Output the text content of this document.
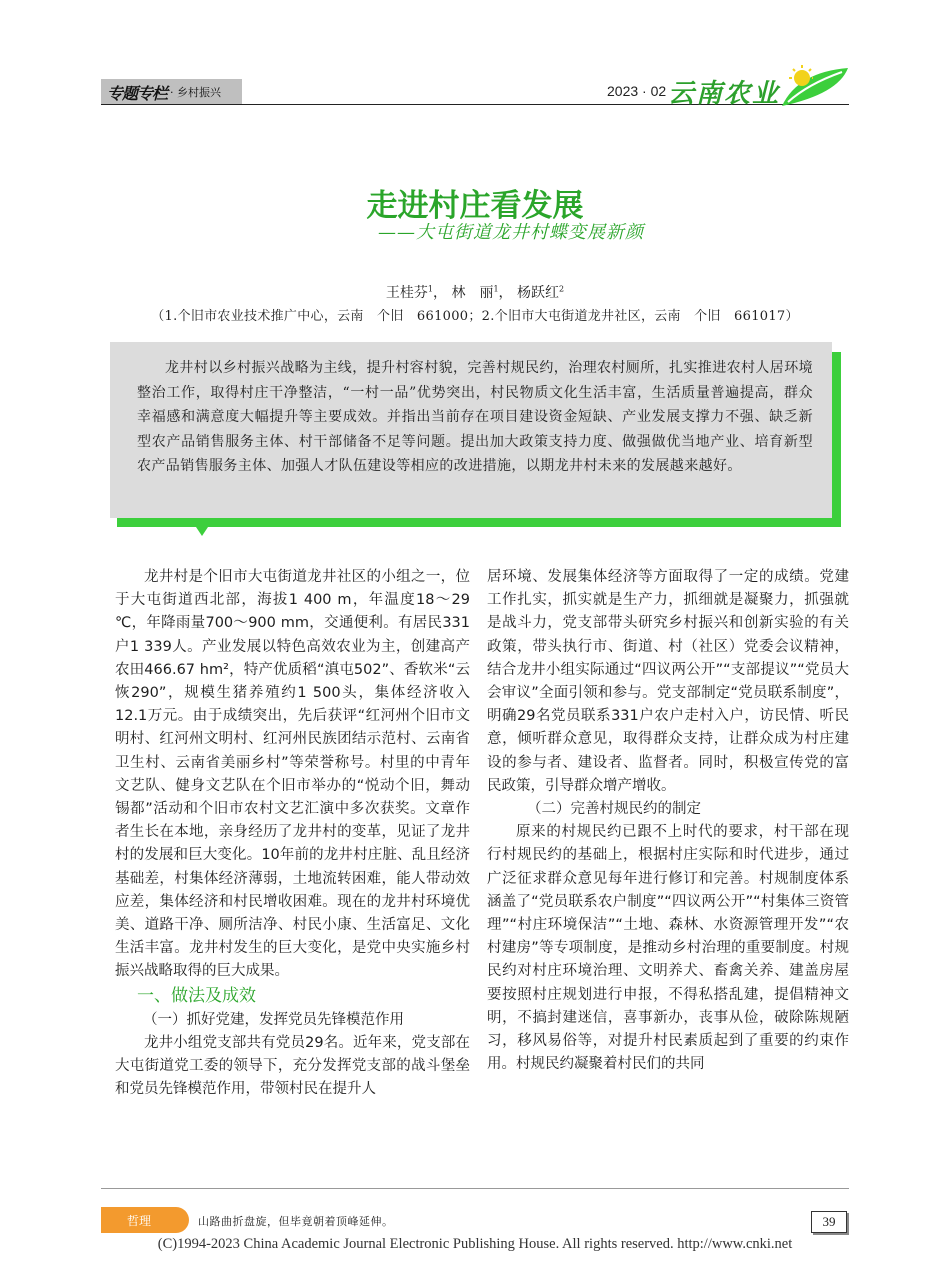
专题专栏 · 乡村振兴	2023 · 02 云南农业
走进村庄看发展
——大屯街道龙井村蝶变展新颜
王桂芬$^1$， 林　丽$^1$， 杨跃红$^2$
（1.个旧市农业技术推广中心，云南　个旧　661000；2.个旧市大屯街道龙井社区，云南　个旧　661017）
龙井村以乡村振兴战略为主线，提升村容村貌，完善村规民约，治理农村厕所，扎实推进农村人居环境整治工作，取得村庄干净整洁，“一村一品”优势突出，村民物质文化生活丰富，生活质量普遍提高，群众幸福感和满意度大幅提升等主要成效。并指出当前存在项目建设资金短缺、产业发展支撑力不强、缺乏新型农产品销售服务主体、村干部储备不足等问题。提出加大政策支持力度、做强做优当地产业、培育新型农产品销售服务主体、加强人才队伍建设等相应的改进措施，以期龙井村未来的发展越来越好。

龙井村是个旧市大屯街道龙井社区的小组之一，位于大屯街道西北部，海拔1 400 m，年温度18～29 ℃，年降雨量700～900 mm，交通便利。有居民331户1 339人。产业发展以特色高效农业为主，创建高产农田466.67 hm²，特产优质稻“滇屯502”、香软米“云恢290”，规模生猪养殖约1 500头，集体经济收入12.1万元。由于成绩突出，先后获评“红河州个旧市文明村、红河州文明村、红河州民族团结示范村、云南省卫生村、云南省美丽乡村”等荣誉称号。村里的中青年文艺队、健身文艺队在个旧市举办的“悦动个旧，舞动锡都”活动和个旧市农村文艺汇演中多次获奖。文章作者生长在本地，亲身经历了龙井村的变革，见证了龙井村的发展和巨大变化。10年前的龙井村庄脏、乱且经济基础差，村集体经济薄弱，土地流转困难，能人带动效应差，集体经济和村民增收困难。现在的龙井村环境优美、道路干净、厕所洁净、村民小康、生活富足、文化生活丰富。龙井村发生的巨大变化，是党中央实施乡村振兴战略取得的巨大成果。

一、做法及成效
（一）抓好党建，发挥党员先锋模范作用

龙井小组党支部共有党员29名。近年来，党支部在大屯街道党工委的领导下，充分发挥党支部的战斗堡垒和党员先锋模范作用，带领村民在提升人

居环境、发展集体经济等方面取得了一定的成绩。党建工作扎实，抓实就是生产力，抓细就是凝聚力，抓强就是战斗力，党支部带头研究乡村振兴和创新实验的有关政策，带头执行市、街道、村（社区）党委会议精神，结合龙井小组实际通过“四议两公开”“支部提议”“党员大会审议”全面引领和参与。党支部制定“党员联系制度”，明确29名党员联系331户农户走村入户，访民情、听民意，倾听群众意见，取得群众支持，让群众成为村庄建设的参与者、建设者、监督者。同时，积极宣传党的富民政策，引导群众增产增收。

（二）完善村规民约的制定

原来的村规民约已跟不上时代的要求，村干部在现行村规民约的基础上，根据村庄实际和时代进步，通过广泛征求群众意见每年进行修订和完善。村规制度体系涵盖了“党员联系农户制度”“四议两公开”“村集体三资管理”“村庄环境保洁”“土地、森林、水资源管理开发”“农村建房”等专项制度，是推动乡村治理的重要制度。村规民约对村庄环境治理、文明养犬、畜禽关养、建盖房屋要按照村庄规划进行申报，不得私搭乱建，提倡精神文明，不搞封建迷信，喜事新办，丧事从俭，破除陈规陋习，移风易俗等，对提升村民素质起到了重要的约束作用。村规民约凝聚着村民们的共同

哲理	山路曲折盘旋，但毕竟朝着顶峰延伸。	39
(C)1994-2023 China Academic Journal Electronic Publishing House. All rights reserved. http://www.cnki.net
